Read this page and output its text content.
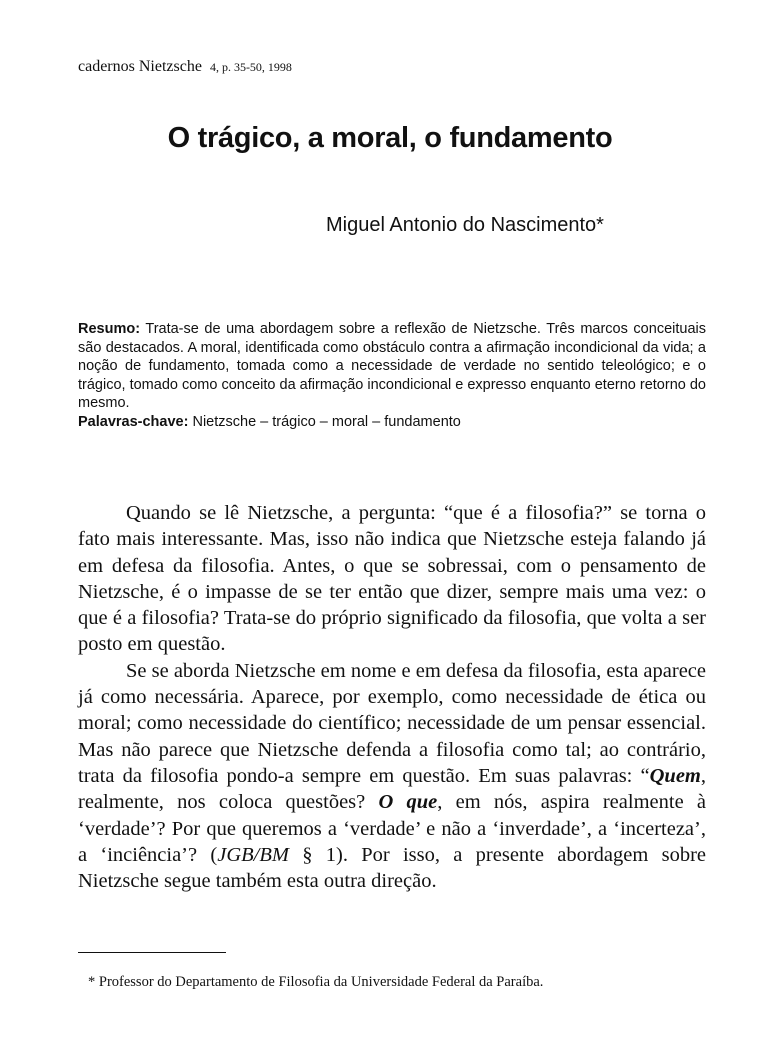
cadernos Nietzsche 4, p. 35-50, 1998
O trágico, a moral, o fundamento
Miguel Antonio do Nascimento*

Resumo: Trata-se de uma abordagem sobre a reflexão de Nietzsche. Três marcos conceituais são destacados. A moral, identificada como obstáculo contra a afirmação incondicional da vida; a noção de fundamento, tomada como a necessidade de verdade no sentido teleológico; e o trágico, tomado como conceito da afirmação incondicional e expresso enquanto eterno retorno do mesmo.

Palavras-chave: Nietzsche – trágico – moral – fundamento

Quando se lê Nietzsche, a pergunta: “que é a filosofia?” se torna o fato mais interessante. Mas, isso não indica que Nietzsche esteja falando já em defesa da filosofia. Antes, o que se sobressai, com o pensamento de Nietzsche, é o impasse de se ter então que dizer, sempre mais uma vez: o que é a filosofia? Trata-se do próprio significado da filosofia, que volta a ser posto em questão.

Se se aborda Nietzsche em nome e em defesa da filosofia, esta aparece já como necessária. Aparece, por exemplo, como necessidade de ética ou moral; como necessidade do científico; necessidade de um pensar essencial. Mas não parece que Nietzsche defenda a filosofia como tal; ao contrário, trata da filosofia pondo-a sempre em questão. Em suas palavras: “Quem, realmente, nos coloca questões? O que, em nós, aspira realmente à ‘verdade’? Por que queremos a ‘verdade’ e não a ‘inverdade’, a ‘incerteza’, a ‘inciência’? (JGB/BM § 1). Por isso, a presente abordagem sobre Nietzsche segue também esta outra direção.

* Professor do Departamento de Filosofia da Universidade Federal da Paraíba.
